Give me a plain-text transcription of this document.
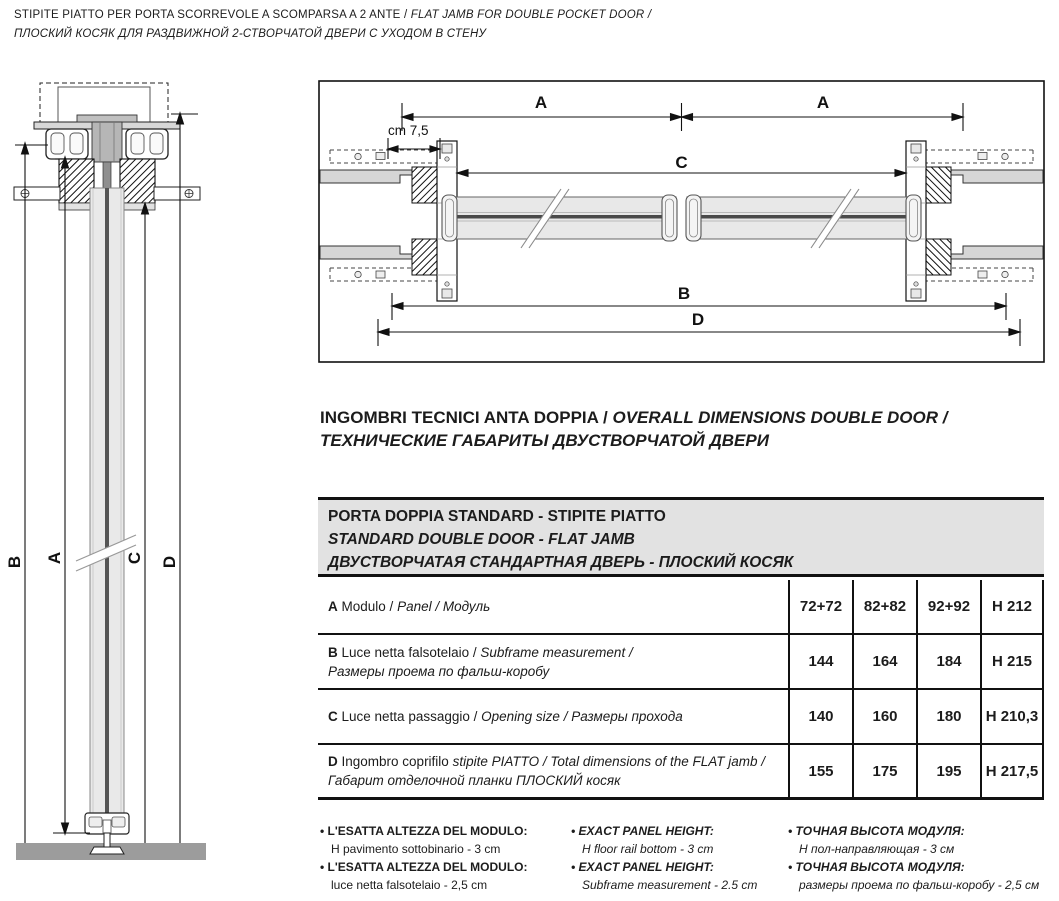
STIPITE PIATTO PER PORTA SCORREVOLE A SCOMPARSA A 2 ANTE / FLAT JAMB FOR DOUBLE POCKET DOOR /
ПЛОСКИЙ КОСЯК ДЛЯ РАЗДВИЖНОЙ 2-СТВОРЧАТОЙ ДВЕРИ С УХОДОМ В СТЕНУ
B A	C D
A	A
cm 7,5
C
B
D
INGOMBRI TECNICI ANTA DOPPIA / OVERALL DIMENSIONS DOUBLE DOOR /
ТЕХНИЧЕСКИЕ ГАБАРИТЫ ДВУСТВОРЧАТОЙ ДВЕРИ
PORTA DOPPIA STANDARD - STIPITE PIATTO
STANDARD DOUBLE DOOR - FLAT JAMB
ДВУСТВОРЧАТАЯ СТАНДАРТНАЯ ДВЕРЬ - ПЛОСКИЙ КОСЯК
A Modulo / Panel / Модуль	72+72 82+82 92+92 H 212
B Luce netta falsotelaio / Subframe measurement /
Размеры проема по фальш-коробу
144	164	184 H 215
C Luce netta passaggio / Opening size / Размеры прохода	140	160	180 H 210,3
D Ingombro coprifilo stipite PIATTO / Total dimensions of the FLAT jamb /
Габарит отделочной планки ПЛОСКИЙ косяк
155	175	195 H 217,5
• L'ESATTA ALTEZZA DEL MODULO:
H pavimento sottobinario - 3 cm
• L'ESATTA ALTEZZA DEL MODULO:
luce netta falsotelaio - 2,5 cm
• EXACT PANEL HEIGHT:
H floor rail bottom - 3 cm
• EXACT PANEL HEIGHT:
Subframe measurement - 2.5 cm
• ТОЧНАЯ ВЫСОТА МОДУЛЯ:
Н пол-направляющая - 3 см
• ТОЧНАЯ ВЫСОТА МОДУЛЯ:
размеры проема по фальш-коробу - 2,5 см
